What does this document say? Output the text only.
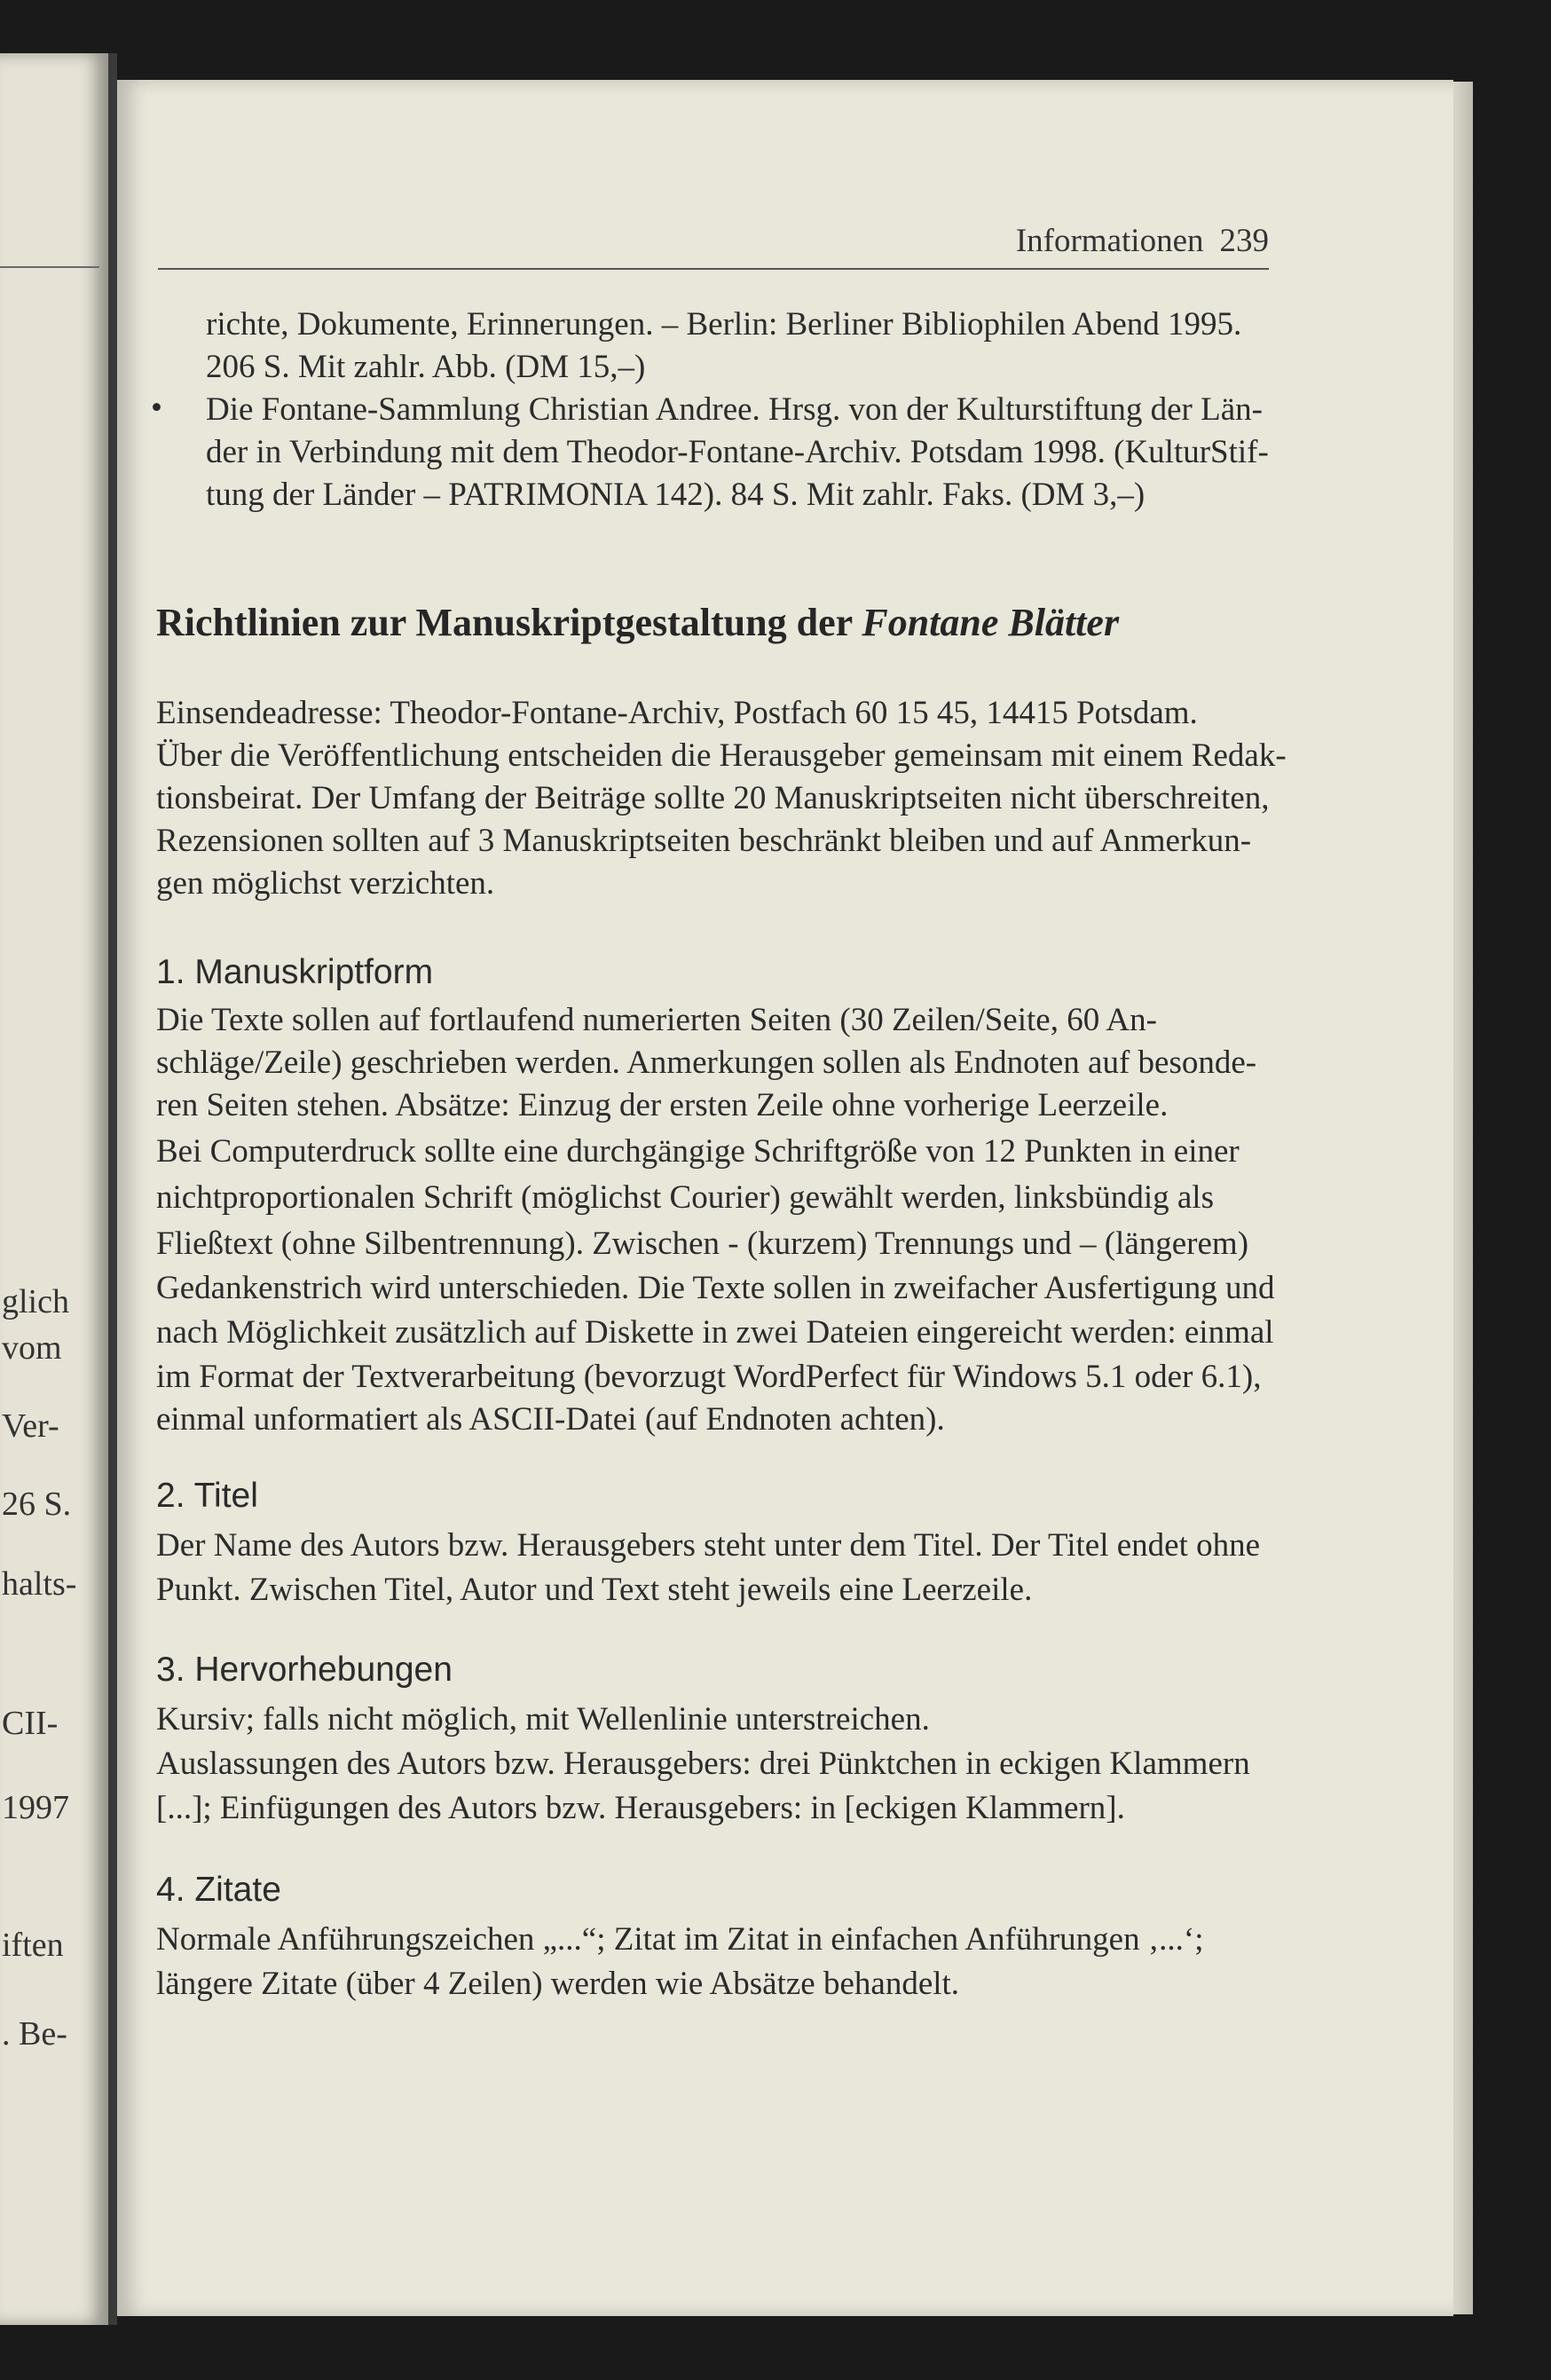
glich
vom
Ver-
26 S.
halts-
CII-
1997
iften
. Be-
Informationen 239
richte, Dokumente, Erinnerungen. – Berlin: Berliner Bibliophilen Abend 1995.
206 S. Mit zahlr. Abb. (DM 15,–)
• Die Fontane-Sammlung Christian Andree. Hrsg. von der Kulturstiftung der Län-
der in Verbindung mit dem Theodor-Fontane-Archiv. Potsdam 1998. (KulturStif-
tung der Länder – PATRIMONIA 142). 84 S. Mit zahlr. Faks. (DM 3,–)
Richtlinien zur Manuskriptgestaltung der Fontane Blätter
Einsendeadresse: Theodor-Fontane-Archiv, Postfach 60 15 45, 14415 Potsdam.
Über die Veröffentlichung entscheiden die Herausgeber gemeinsam mit einem Redak-
tionsbeirat. Der Umfang der Beiträge sollte 20 Manuskriptseiten nicht überschreiten,
Rezensionen sollten auf 3 Manuskriptseiten beschränkt bleiben und auf Anmerkun-
gen möglichst verzichten.
1. Manuskriptform
Die Texte sollen auf fortlaufend numerierten Seiten (30 Zeilen/Seite, 60 An-
schläge/Zeile) geschrieben werden. Anmerkungen sollen als Endnoten auf besonde-
ren Seiten stehen. Absätze: Einzug der ersten Zeile ohne vorherige Leerzeile.
Bei Computerdruck sollte eine durchgängige Schriftgröße von 12 Punkten in einer
nichtproportionalen Schrift (möglichst Courier) gewählt werden, linksbündig als
Fließtext (ohne Silbentrennung). Zwischen - (kurzem) Trennungs und – (längerem)
Gedankenstrich wird unterschieden. Die Texte sollen in zweifacher Ausfertigung und
nach Möglichkeit zusätzlich auf Diskette in zwei Dateien eingereicht werden: einmal
im Format der Textverarbeitung (bevorzugt WordPerfect für Windows 5.1 oder 6.1),
einmal unformatiert als ASCII-Datei (auf Endnoten achten).
2. Titel
Der Name des Autors bzw. Herausgebers steht unter dem Titel. Der Titel endet ohne
Punkt. Zwischen Titel, Autor und Text steht jeweils eine Leerzeile.
3. Hervorhebungen
Kursiv; falls nicht möglich, mit Wellenlinie unterstreichen.
Auslassungen des Autors bzw. Herausgebers: drei Pünktchen in eckigen Klammern
[...]; Einfügungen des Autors bzw. Herausgebers: in [eckigen Klammern].
4. Zitate
Normale Anführungszeichen „...“; Zitat im Zitat in einfachen Anführungen ‚...‘;
längere Zitate (über 4 Zeilen) werden wie Absätze behandelt.
